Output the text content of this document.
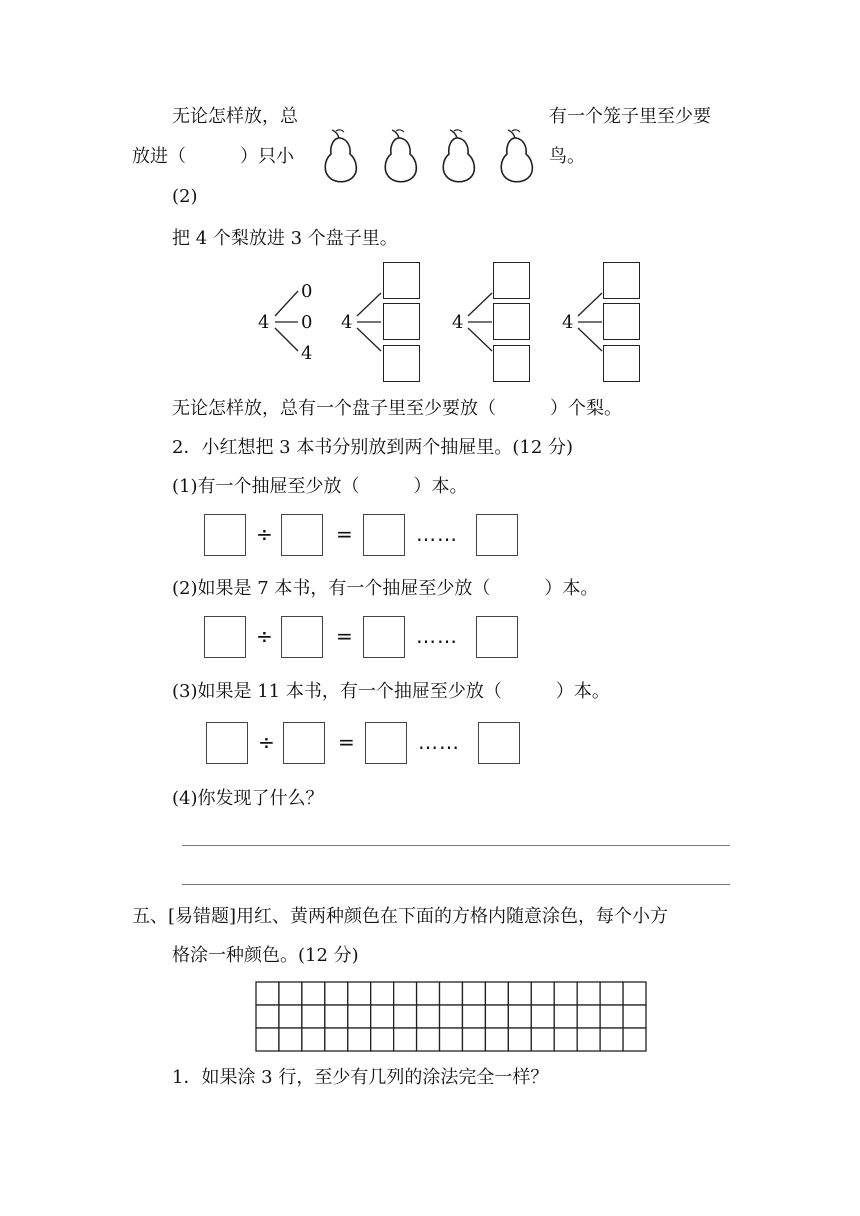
无论怎样放，总	有一个笼子里至少要
放进（　　　）只小	鸟。
(2)
把 4 个梨放进 3 个盘子里。
4
0
0
4
4	4	4
无论怎样放，总有一个盘子里至少要放（　　　）个梨。
2．小红想把 3 本书分别放到两个抽屉里。(12 分)
(1)有一个抽屉至少放（　　　）本。
÷	=	……
(2)如果是 7 本书，有一个抽屉至少放（　　　）本。
÷	=	……
(3)如果是 11 本书，有一个抽屉至少放（　　　）本。
÷	=	……
(4)你发现了什么？
五、[易错题]用红、黄两种颜色在下面的方格内随意涂色，每个小方
格涂一种颜色。(12 分)
1．如果涂 3 行，至少有几列的涂法完全一样？
